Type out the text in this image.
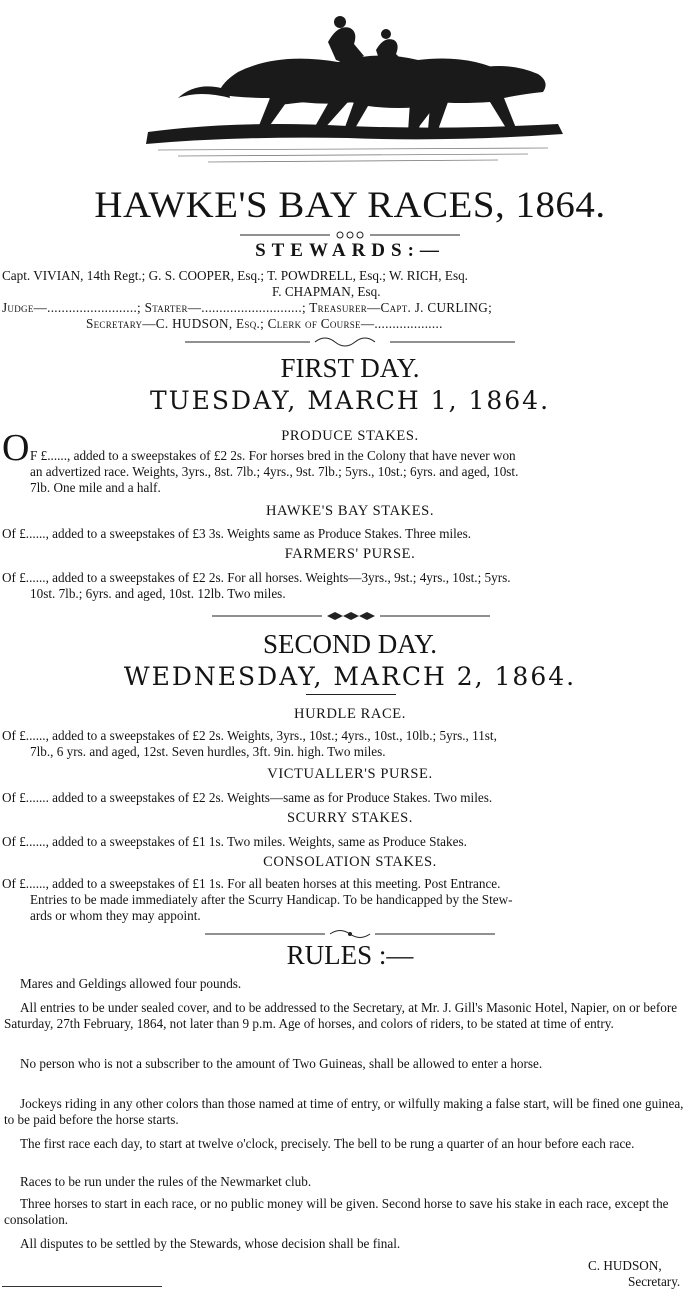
HAWKE'S BAY RACES, 1864.
STEWARDS:—
Capt. VIVIAN, 14th Regt.; G. S. COOPER, Esq.; T. POWDRELL, Esq.; W. RICH, Esq.
F. CHAPMAN, Esq.
Judge—.........................; Starter—............................; Treasurer—Capt. J. CURLING;
Secretary—C. HUDSON, Esq.; Clerk of Course—...................
FIRST DAY.
TUESDAY, MARCH 1, 1864.
PRODUCE STAKES.
O F £......, added to a sweepstakes of £2 2s. For horses bred in the Colony that have never won
an advertized race. Weights, 3yrs., 8st. 7lb.; 4yrs., 9st. 7lb.; 5yrs., 10st.; 6yrs. and aged, 10st.
7lb. One mile and a half.
HAWKE'S BAY STAKES.
Of £......, added to a sweepstakes of £3 3s. Weights same as Produce Stakes. Three miles.
FARMERS' PURSE.
Of £......, added to a sweepstakes of £2 2s. For all horses. Weights—3yrs., 9st.; 4yrs., 10st.; 5yrs.
10st. 7lb.; 6yrs. and aged, 10st. 12lb. Two miles.
SECOND DAY.
WEDNESDAY, MARCH 2, 1864.
HURDLE RACE.
Of £......, added to a sweepstakes of £2 2s. Weights, 3yrs., 10st.; 4yrs., 10st., 10lb.; 5yrs., 11st,
7lb., 6 yrs. and aged, 12st. Seven hurdles, 3ft. 9in. high. Two miles.
VICTUALLER'S PURSE.
Of £....... added to a sweepstakes of £2 2s. Weights—same as for Produce Stakes. Two miles.
SCURRY STAKES.
Of £......, added to a sweepstakes of £1 1s. Two miles. Weights, same as Produce Stakes.
CONSOLATION STAKES.
Of £......, added to a sweepstakes of £1 1s. For all beaten horses at this meeting. Post Entrance.
Entries to be made immediately after the Scurry Handicap. To be handicapped by the Stew-
ards or whom they may appoint.
RULES :—
Mares and Geldings allowed four pounds.
All entries to be under sealed cover, and to be addressed to the Secretary, at Mr. J. Gill's Masonic Hotel, Napier, on or before Saturday, 27th February, 1864, not later than 9 p.m. Age of horses, and colors of riders, to be stated at time of entry.
No person who is not a subscriber to the amount of Two Guineas, shall be allowed to enter a horse.
Jockeys riding in any other colors than those named at time of entry, or wilfully making a false start, will be fined one guinea, to be paid before the horse starts.
The first race each day, to start at twelve o'clock, precisely. The bell to be rung a quarter of an hour before each race.
Races to be run under the rules of the Newmarket club.
Three horses to start in each race, or no public money will be given. Second horse to save his stake in each race, except the consolation.
All disputes to be settled by the Stewards, whose decision shall be final.
C. HUDSON,
Secretary.
